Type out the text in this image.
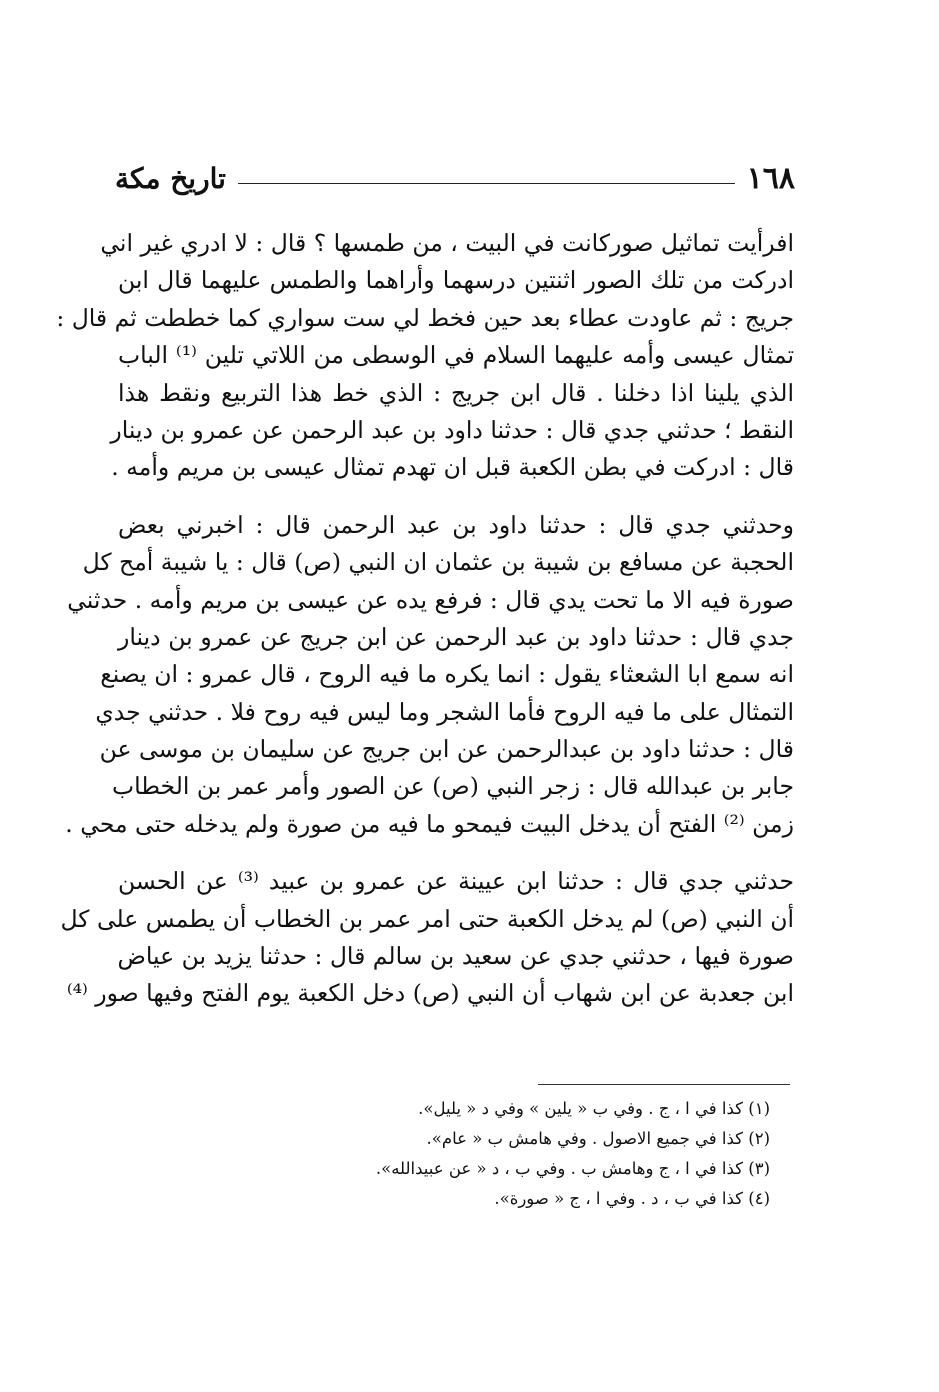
١٦٨
تاريخ مكة
افرأيت تماثيل صوركانت في البيت ، من طمسها ؟ قال : لا ادري غير اني
ادركت من تلك الصور اثنتين درسهما وأراهما والطمس عليهما قال ابن
جريج : ثم عاودت عطاء بعد حين فخط لي ست سواري كما خططت ثم قال :
تمثال عيسى وأمه عليهما السلام في الوسطى من اللاتي تلين ⁽¹⁾ الباب
الذي يلينا اذا دخلنا . قال ابن جريج : الذي خط هذا التربيع ونقط هذا
النقط ؛ حدثني جدي قال : حدثنا داود بن عبد الرحمن عن عمرو بن دينار
قال : ادركت في بطن الكعبة قبل ان تهدم تمثال عيسى بن مريم وأمه .
وحدثني جدي قال : حدثنا داود بن عبد الرحمن قال : اخبرني بعض
الحجبة عن مسافع بن شيبة بن عثمان ان النبي (ص) قال : يا شيبة أمح كل
صورة فيه الا ما تحت يدي قال : فرفع يده عن عيسى بن مريم وأمه . حدثني
جدي قال : حدثنا داود بن عبد الرحمن عن ابن جريج عن عمرو بن دينار
انه سمع ابا الشعثاء يقول : انما يكره ما فيه الروح ، قال عمرو : ان يصنع
التمثال على ما فيه الروح فأما الشجر وما ليس فيه روح فلا . حدثني جدي
قال : حدثنا داود بن عبدالرحمن عن ابن جريج عن سليمان بن موسى عن
جابر بن عبدالله قال : زجر النبي (ص) عن الصور وأمر عمر بن الخطاب
زمن ⁽²⁾ الفتح أن يدخل البيت فيمحو ما فيه من صورة ولم يدخله حتى محي .
حدثني جدي قال : حدثنا ابن عيينة عن عمرو بن عبيد ⁽³⁾ عن الحسن
أن النبي (ص) لم يدخل الكعبة حتى امر عمر بن الخطاب أن يطمس على كل
صورة فيها ، حدثني جدي عن سعيد بن سالم قال : حدثنا يزيد بن عياض
ابن جعدبة عن ابن شهاب أن النبي (ص) دخل الكعبة يوم الفتح وفيها صور ⁽⁴⁾
(١) كذا في ا ، ج . وفي ب « يلين » وفي د « يليل».
(٢) كذا في جميع الاصول . وفي هامش ب « عام».
(٣) كذا في ا ، ج وهامش ب . وفي ب ، د « عن عبيدالله».
(٤) كذا في ب ، د . وفي ا ، ج « صورة».
